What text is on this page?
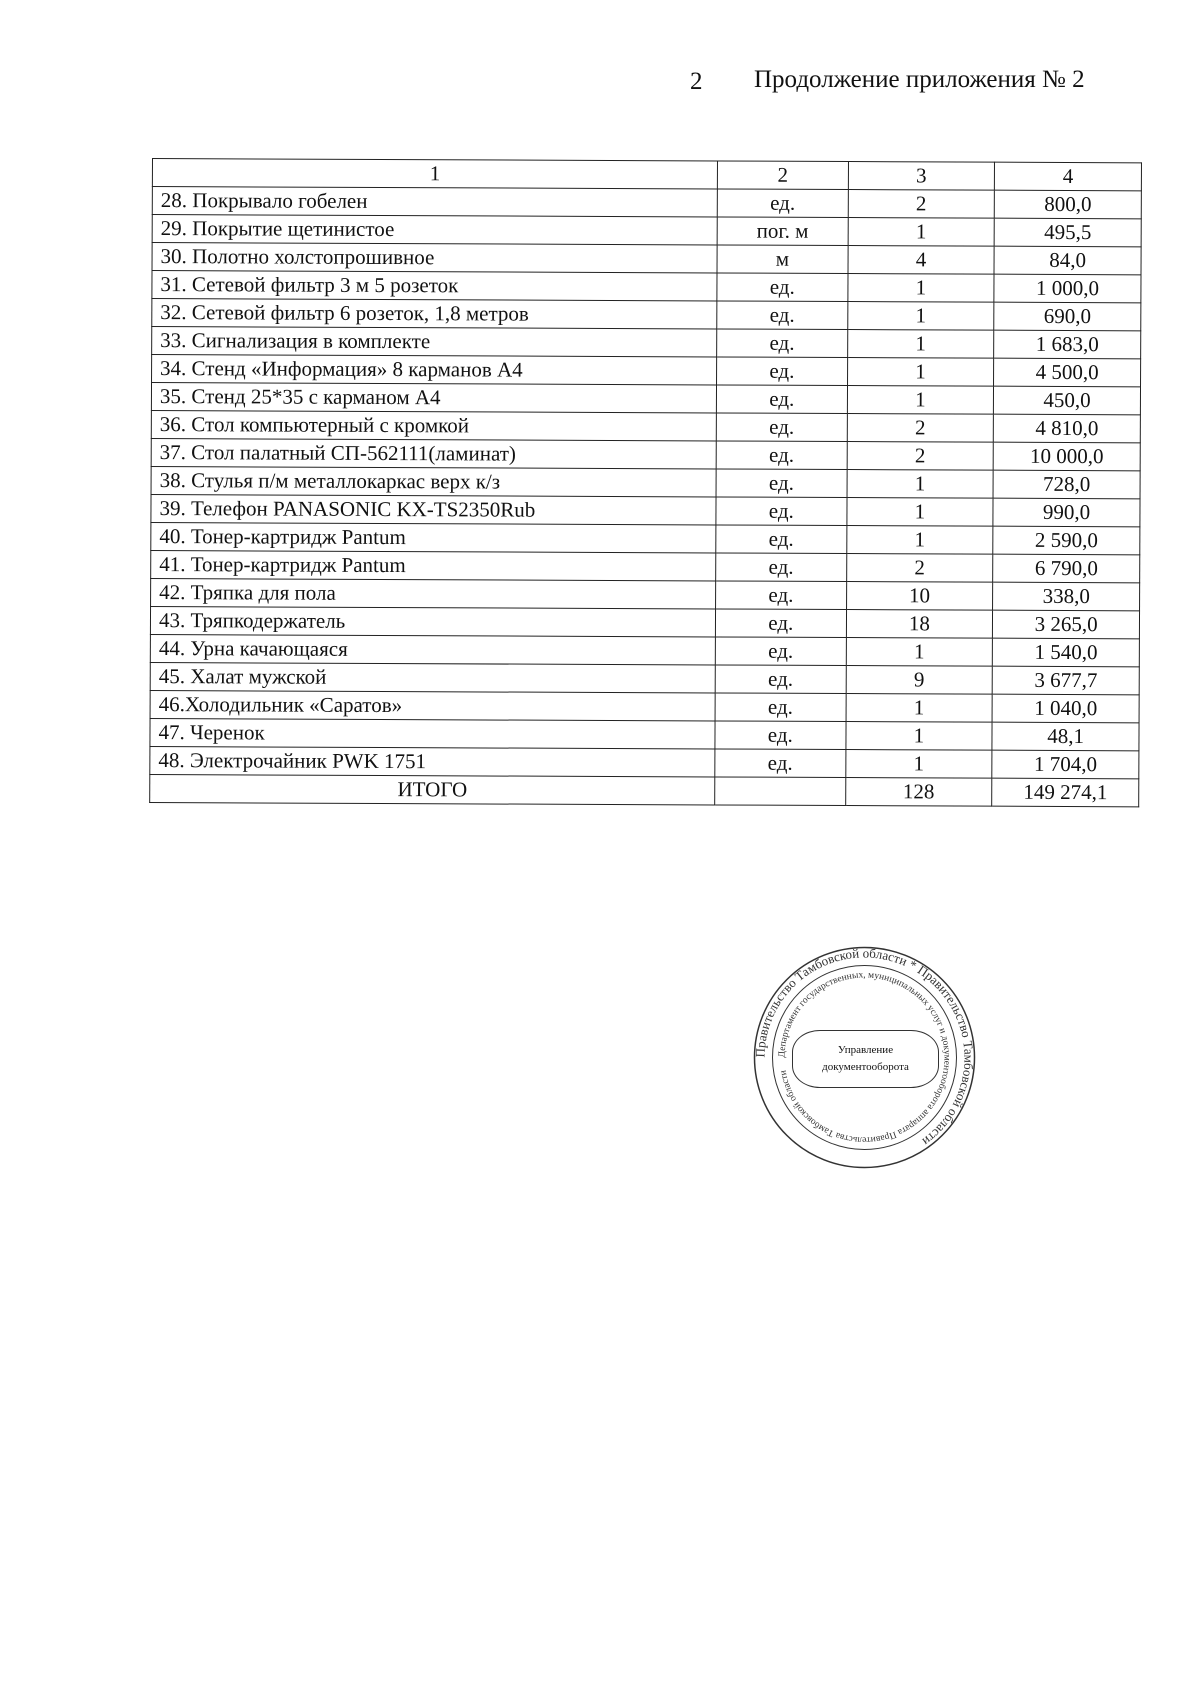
2 Продолжение приложения № 2
1	2	3	4
28. Покрывало гобелен	ед.	2	800,0
29. Покрытие щетинистое	пог. м	1	495,5
30. Полотно холстопрошивное	м	4	84,0
31. Сетевой фильтр 3 м 5 розеток	ед.	1	1 000,0
32. Сетевой фильтр 6 розеток, 1,8 метров	ед.	1	690,0
33. Сигнализация в комплекте	ед.	1	1 683,0
34. Стенд «Информация» 8 карманов А4	ед.	1	4 500,0
35. Стенд 25*35 с карманом А4	ед.	1	450,0
36. Стол компьютерный с кромкой	ед.	2	4 810,0
37. Стол палатный СП-562111(ламинат)	ед.	2	10 000,0
38. Стулья п/м металлокаркас верх к/з	ед.	1	728,0
39. Телефон PANASONIC KX-TS2350Rub	ед.	1	990,0
40. Тонер-картридж Pantum	ед.	1	2 590,0
41. Тонер-картридж Pantum	ед.	2	6 790,0
42. Тряпка для пола	ед.	10	338,0
43. Тряпкодержатель	ед.	18	3 265,0
44. Урна качающаяся	ед.	1	1 540,0
45. Халат мужской	ед.	9	3 677,7
46.Холодильник «Саратов»	ед.	1	1 040,0
47. Черенок	ед.	1	48,1
48. Электрочайник PWK 1751	ед.	1	1 704,0
ИТОГО		128	149 274,1
Правительство Тамбовской области * Правительство Тамбовской области
Департамент государственных, муниципальных услуг и документооборота аппарата Правительства Тамбовской области
Управление
документооборота
